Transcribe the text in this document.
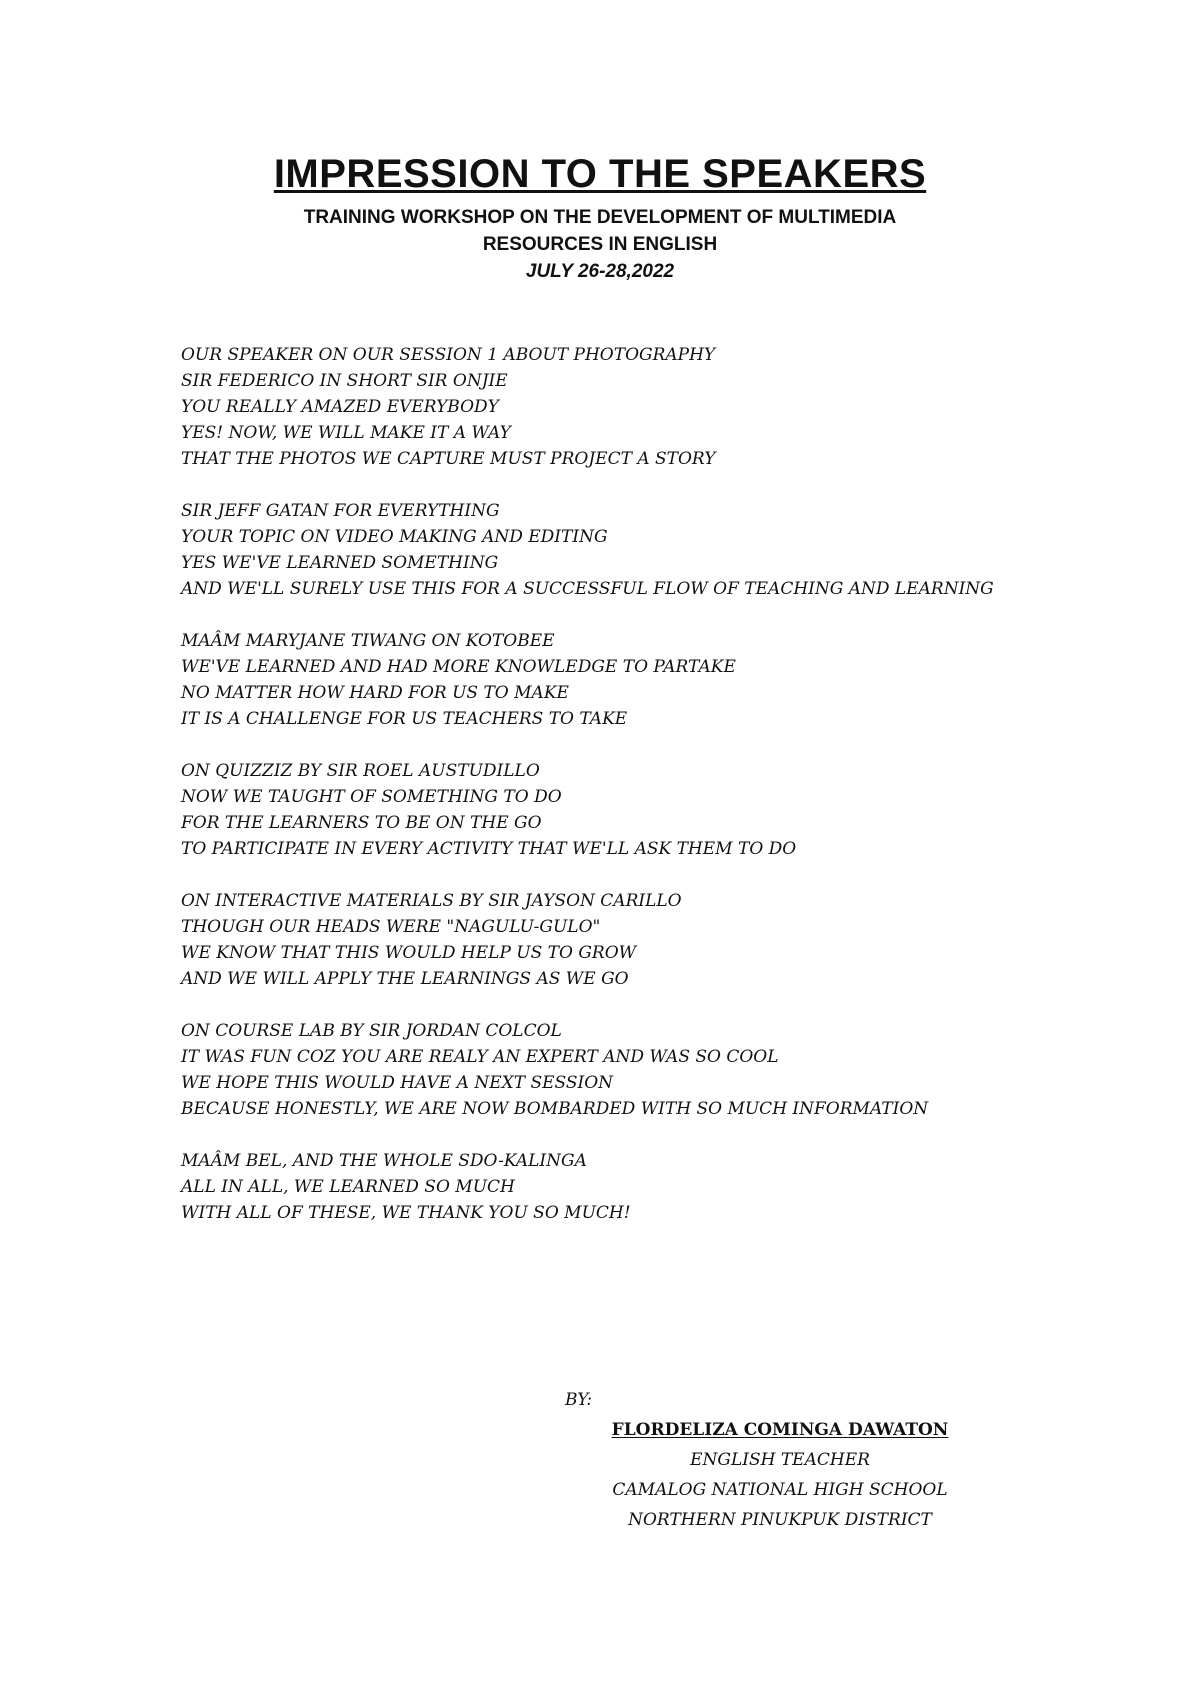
IMPRESSION TO THE SPEAKERS

TRAINING WORKSHOP ON THE DEVELOPMENT OF MULTIMEDIA

RESOURCES IN ENGLISH

JULY 26-28,2022

OUR SPEAKER ON OUR SESSION 1 ABOUT PHOTOGRAPHY
SIR FEDERICO IN SHORT SIR ONJIE
YOU REALLY AMAZED EVERYBODY
YES! NOW, WE WILL MAKE IT A WAY
THAT THE PHOTOS WE CAPTURE MUST PROJECT A STORY
SIR JEFF GATAN FOR EVERYTHING
YOUR TOPIC ON VIDEO MAKING AND EDITING
YES WE'VE LEARNED SOMETHING
AND WE'LL SURELY USE THIS FOR A SUCCESSFUL FLOW OF TEACHING AND LEARNING
MAÂM MARYJANE TIWANG ON KOTOBEE
WE'VE LEARNED AND HAD MORE KNOWLEDGE TO PARTAKE
NO MATTER HOW HARD FOR US TO MAKE
IT IS A CHALLENGE FOR US TEACHERS TO TAKE
ON QUIZZIZ BY SIR ROEL AUSTUDILLO
NOW WE TAUGHT OF SOMETHING TO DO
FOR THE LEARNERS TO BE ON THE GO
TO PARTICIPATE IN EVERY ACTIVITY THAT WE'LL ASK THEM TO DO
ON INTERACTIVE MATERIALS BY SIR JAYSON CARILLO
THOUGH OUR HEADS WERE "NAGULU-GULO"
WE KNOW THAT THIS WOULD HELP US TO GROW
AND WE WILL APPLY THE LEARNINGS AS WE GO
ON COURSE LAB BY SIR JORDAN COLCOL
IT WAS FUN COZ YOU ARE REALY AN EXPERT AND WAS SO COOL
WE HOPE THIS WOULD HAVE A NEXT SESSION
BECAUSE HONESTLY, WE ARE NOW BOMBARDED WITH SO MUCH INFORMATION
MAÂM BEL, AND THE WHOLE SDO-KALINGA
ALL IN ALL, WE LEARNED SO MUCH
WITH ALL OF THESE, WE THANK YOU SO MUCH!
BY:
FLORDELIZA COMINGA DAWATON
ENGLISH TEACHER
CAMALOG NATIONAL HIGH SCHOOL
NORTHERN PINUKPUK DISTRICT
